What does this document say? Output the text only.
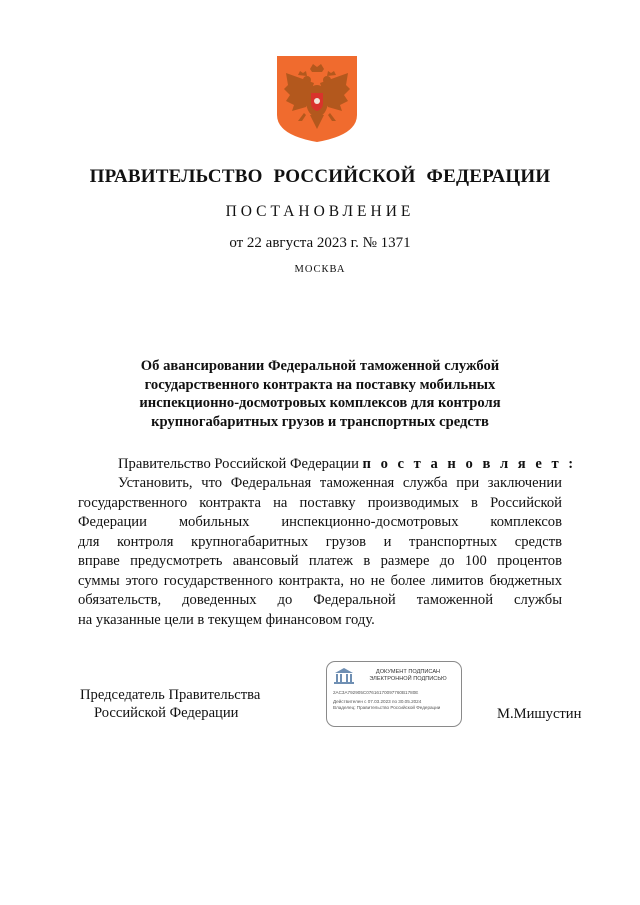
ПРАВИТЕЛЬСТВО РОССИЙСКОЙ ФЕДЕРАЦИИ
ПОСТАНОВЛЕНИЕ
от 22 августа 2023 г. № 1371
МОСКВА
Об авансировании Федеральной таможенной службой
государственного контракта на поставку мобильных
инспекционно-досмотровых комплексов для контроля
крупногабаритных грузов и транспортных средств
Правительство Российской Федерации п о с т а н о в л я е т :
Установить, что Федеральная таможенная служба при заключении
государственного контракта на поставку производимых в Российской
Федерации мобильных инспекционно-досмотровых комплексов
для контроля крупногабаритных грузов и транспортных средств
вправе предусмотреть авансовый платеж в размере до 100 процентов
суммы этого государственного контракта, но не более лимитов бюджетных
обязательств, доведенных до Федеральной таможенной службы
на указанные цели в текущем финансовом году.
Председатель Правительства
Российской Федерации
ДОКУМЕНТ ПОДПИСАН
ЭЛЕКТРОННОЙ ПОДПИСЬЮ
2AC3A792905C07616170097760B1780E
Действителен с 07.03.2023 по 30.05.2024
Владелец: Правительство Российской Федерации	М.Мишустин
